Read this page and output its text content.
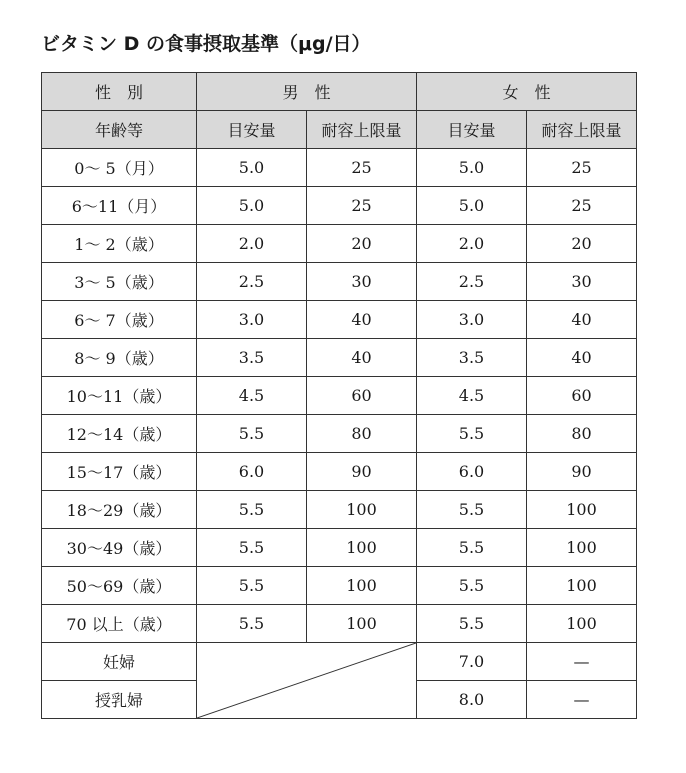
ビタミン D の食事摂取基準（μg/日）
性　別	男　性		女　性	
年齢等	目安量	耐容上限量	目安量	耐容上限量
0〜 5（月）	5.0	25	5.0	25
6〜11（月）	5.0	25	5.0	25
1〜 2（歳）	2.0	20	2.0	20
3〜 5（歳）	2.5	30	2.5	30
6〜 7（歳）	3.0	40	3.0	40
8〜 9（歳）	3.5	40	3.5	40
10〜11（歳）	4.5	60	4.5	60
12〜14（歳）	5.5	80	5.5	80
15〜17（歳）	6.0	90	6.0	90
18〜29（歳）	5.5	100	5.5	100
30〜49（歳）	5.5	100	5.5	100
50〜69（歳）	5.5	100	5.5	100
70 以上（歳）	5.5	100	5.5	100
妊婦			7.0	—
授乳婦			8.0	—
